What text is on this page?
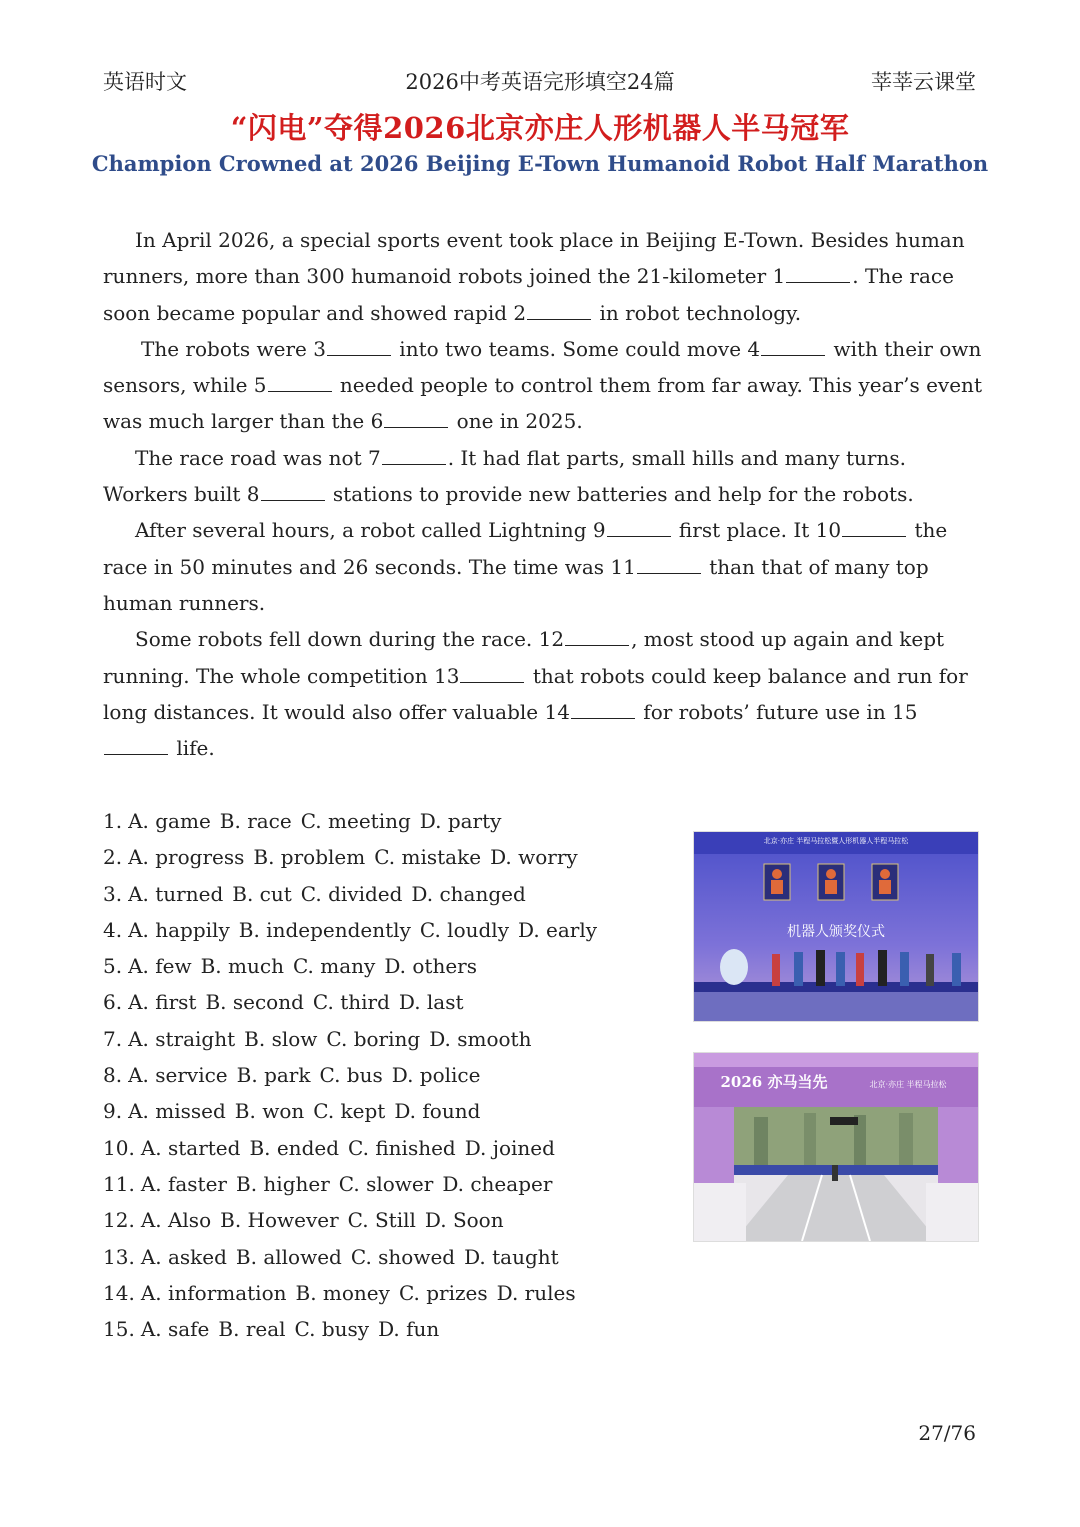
英语时文	2026中考英语完形填空24篇	莘莘云课堂
“闪电”夺得2026北京亦庄人形机器人半马冠军
Champion Crowned at 2026 Beijing E-Town Humanoid Robot Half Marathon

In April 2026, a special sports event took place in Beijing E-Town. Besides human runners, more than 300 humanoid robots joined the 21-kilometer 1	. The race soon became popular and showed rapid 2	in robot technology.

The robots were 3	into two teams. Some could move 4	with their own sensors, while 5	needed people to control them from far away. This year’s event was much larger than the 6	one in 2025.

The race road was not 7	. It had flat parts, small hills and many turns. Workers built 8	stations to provide new batteries and help for the robots.

After several hours, a robot called Lightning 9	first place. It 10	the race in 50 minutes and 26 seconds. The time was 11	than that of many top human runners.

Some robots fell down during the race. 12	, most stood up again and kept running. The whole competition 13	that robots could keep balance and run for long distances. It would also offer valuable 14	for robots’ future use in 15 life.

1. A. game B. race C. meeting D. party
2. A. progress B. problem C. mistake D. worry
3. A. turned B. cut C. divided D. changed
4. A. happily B. independently C. loudly D. early
5. A. few B. much C. many D. others
6. A. first B. second C. third D. last
7. A. straight B. slow C. boring D. smooth
8. A. service B. park C. bus D. police
9. A. missed B. won C. kept D. found
10. A. started B. ended C. finished D. joined
11. A. faster B. higher C. slower D. cheaper
12. A. Also B. However C. Still D. Soon
13. A. asked B. allowed C. showed D. taught
14. A. information B. money C. prizes D. rules
15. A. safe B. real C. busy D. fun
北京·亦庄 半程马拉松暨人形机器人半程马拉松
机器人颁奖仪式
2026 亦马当先	北京·亦庄 半程马拉松
27/76
